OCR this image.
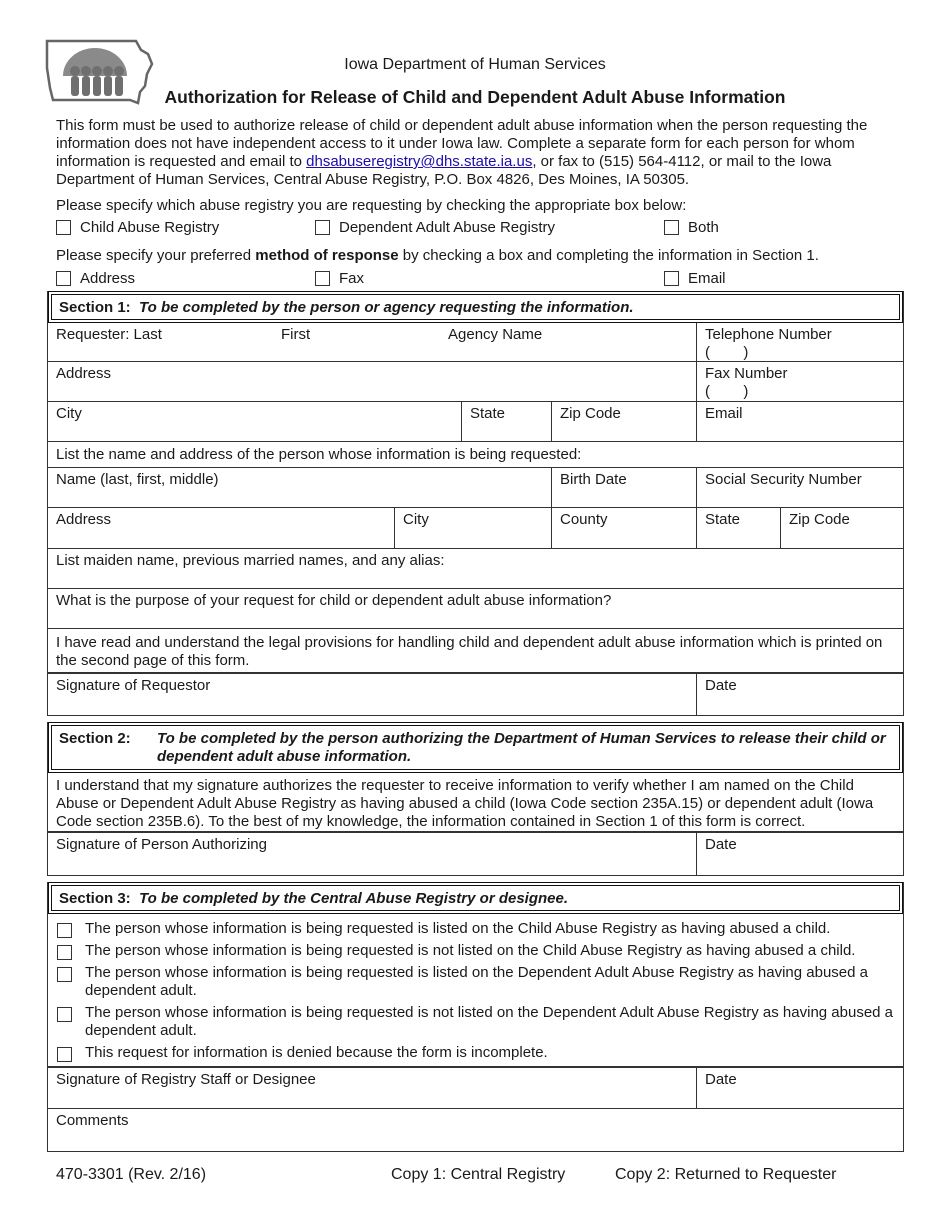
Iowa Department of Human Services
Authorization for Release of Child and Dependent Adult Abuse Information
This form must be used to authorize release of child or dependent adult abuse information when the person requesting the information does not have independent access to it under Iowa law. Complete a separate form for each person for whom information is requested and email to dhsabuseregistry@dhs.state.ia.us, or fax to (515) 564-4112, or mail to the Iowa Department of Human Services, Central Abuse Registry, P.O. Box 4826, Des Moines, IA 50305.
Please specify which abuse registry you are requesting by checking the appropriate box below:
Child Abuse Registry	Dependent Adult Abuse Registry	Both
Please specify your preferred method of response by checking a box and completing the information in Section 1.
Address	Fax	Email
Section 1: To be completed by the person or agency requesting the information.
Requester: Last	First	Agency Name	Telephone Number
(        )
Address	Fax Number
(        )
City	State	Zip Code	Email
List the name and address of the person whose information is being requested:
Name (last, first, middle)	Birth Date	Social Security Number
Address	City	County	State	Zip Code
List maiden name, previous married names, and any alias:
What is the purpose of your request for child or dependent adult abuse information?
I have read and understand the legal provisions for handling child and dependent adult abuse information which is printed on the second page of this form.
Signature of Requestor	Date
Section 2:	To be completed by the person authorizing the Department of Human Services to release their child or dependent adult abuse information.
I understand that my signature authorizes the requester to receive information to verify whether I am named on the Child Abuse or Dependent Adult Abuse Registry as having abused a child (Iowa Code section 235A.15) or dependent adult (Iowa Code section 235B.6). To the best of my knowledge, the information contained in Section 1 of this form is correct.
Signature of Person Authorizing	Date
Section 3: To be completed by the Central Abuse Registry or designee.
The person whose information is being requested is listed on the Child Abuse Registry as having abused a child.
The person whose information is being requested is not listed on the Child Abuse Registry as having abused a child.
The person whose information is being requested is listed on the Dependent Adult Abuse Registry as having abused a dependent adult.
The person whose information is being requested is not listed on the Dependent Adult Abuse Registry as having abused a dependent adult.
This request for information is denied because the form is incomplete.
Signature of Registry Staff or Designee	Date
Comments
470-3301 (Rev. 2/16)	Copy 1: Central Registry	Copy 2: Returned to Requester
